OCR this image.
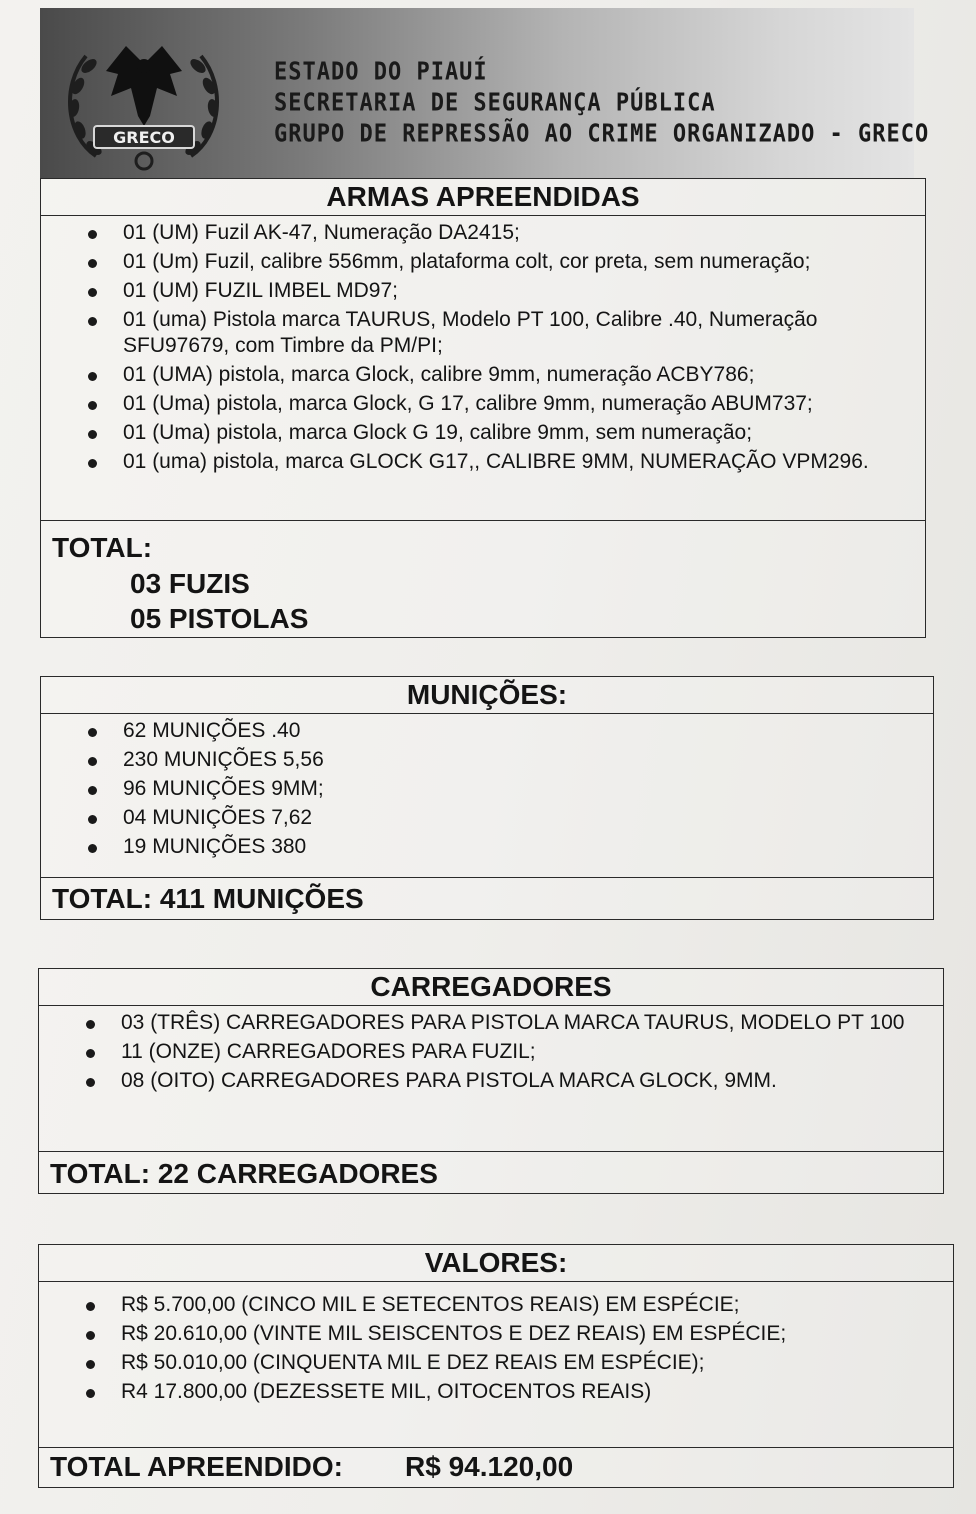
GRECO
ESTADO DO PIAUÍ
SECRETARIA DE SEGURANÇA PÚBLICA
GRUPO DE REPRESSÃO AO CRIME ORGANIZADO - GRECO
ARMAS APREENDIDAS
01 (UM) Fuzil AK-47, Numeração DA2415;
01 (Um) Fuzil, calibre 556mm, plataforma colt, cor preta, sem numeração;
01 (UM) FUZIL IMBEL MD97;
01 (uma) Pistola marca TAURUS, Modelo PT 100, Calibre .40, Numeração SFU97679, com Timbre da PM/PI;
01 (UMA) pistola, marca Glock, calibre 9mm, numeração ACBY786;
01 (Uma) pistola, marca Glock, G 17, calibre 9mm, numeração ABUM737;
01 (Uma) pistola, marca Glock G 19, calibre 9mm, sem numeração;
01 (uma) pistola, marca GLOCK G17,, CALIBRE 9MM, NUMERAÇÃO VPM296.
TOTAL:
03 FUZIS
05 PISTOLAS
MUNIÇÕES:
62 MUNIÇÕES .40
230 MUNIÇÕES 5,56
96 MUNIÇÕES 9MM;
04 MUNIÇÕES 7,62
19 MUNIÇÕES 380
TOTAL: 411 MUNIÇÕES
CARREGADORES
03 (TRÊS) CARREGADORES PARA PISTOLA MARCA TAURUS, MODELO PT 100
11 (ONZE) CARREGADORES PARA FUZIL;
08 (OITO) CARREGADORES PARA PISTOLA MARCA GLOCK, 9MM.
TOTAL: 22 CARREGADORES
VALORES:
R$ 5.700,00 (CINCO MIL E SETECENTOS REAIS) EM ESPÉCIE;
R$ 20.610,00 (VINTE MIL SEISCENTOS E DEZ REAIS) EM ESPÉCIE;
R$ 50.010,00 (CINQUENTA MIL E DEZ REAIS EM ESPÉCIE);
R4 17.800,00 (DEZESSETE MIL, OITOCENTOS REAIS)
TOTAL APREENDIDO: R$ 94.120,00
